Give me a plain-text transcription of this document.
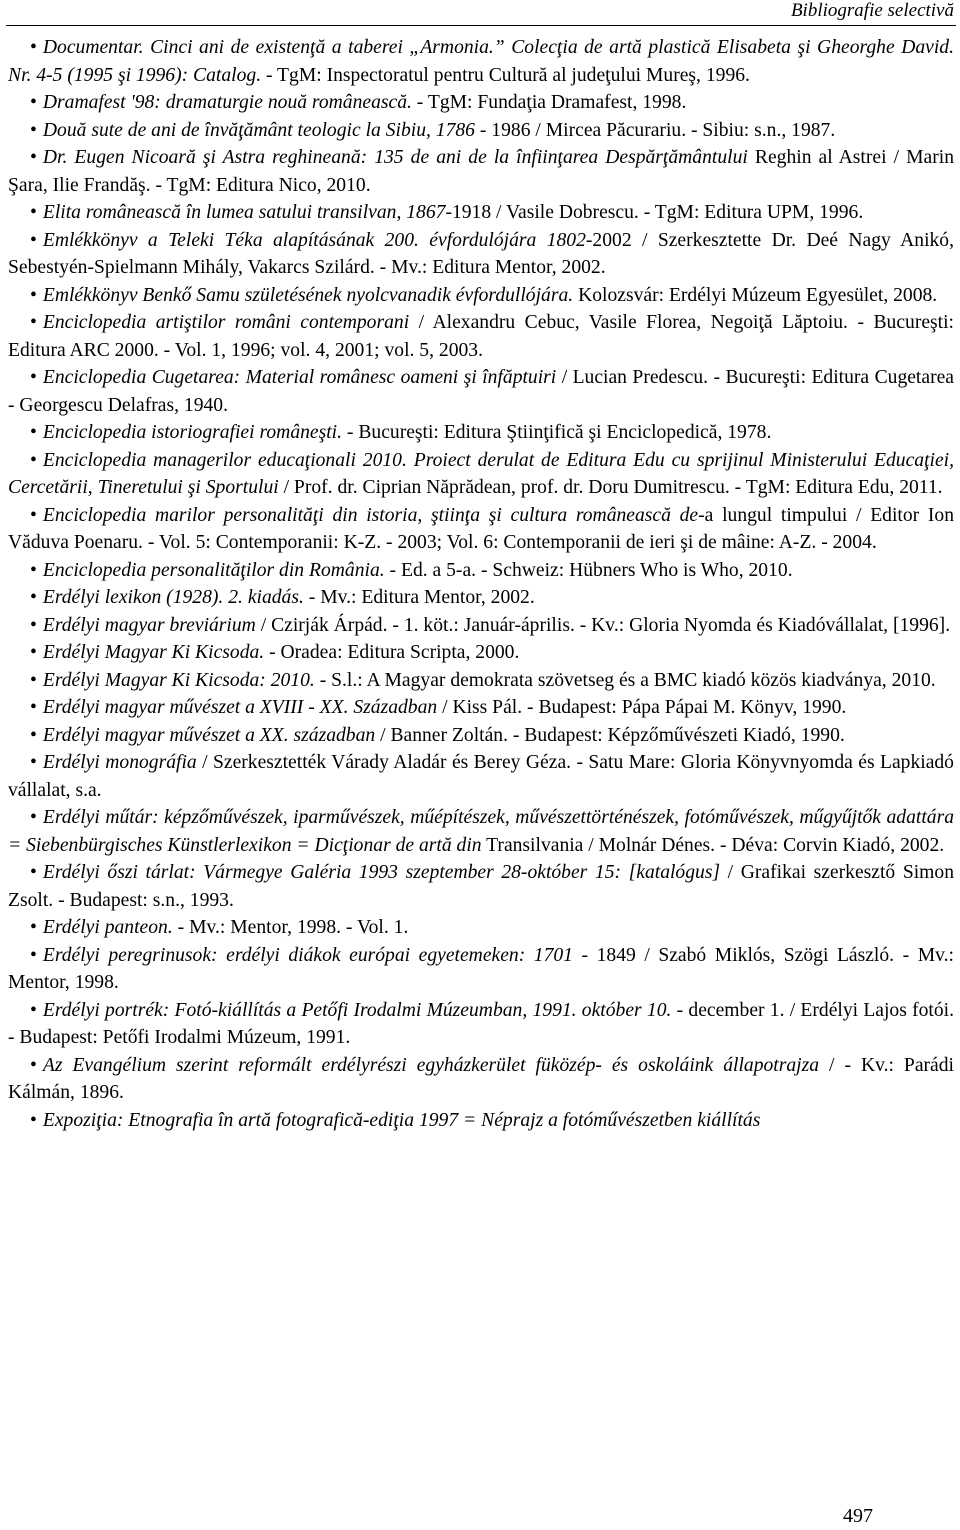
Bibliografie selectivă

• Documentar. Cinci ani de existenţă a taberei „Armonia.” Colecţia de artă plastică Elisabeta şi Gheorghe David. Nr. 4-5 (1995 şi 1996): Catalog. - TgM: Inspectoratul pentru Cultură al judeţului Mureş, 1996.

• Dramafest '98: dramaturgie nouă românească. - TgM: Fundaţia Dramafest, 1998.

• Două sute de ani de învăţământ teologic la Sibiu, 1786 - 1986 / Mircea Păcurariu. - Sibiu: s.n., 1987.

• Dr. Eugen Nicoară şi Astra reghineană: 135 de ani de la înfiinţarea Despărţământului Reghin al Astrei / Marin Şara, Ilie Frandăş. - TgM: Editura Nico, 2010.

• Elita românească în lumea satului transilvan, 1867-1918 / Vasile Dobrescu. - TgM: Editura UPM, 1996.

• Emlékkönyv a Teleki Téka alapításának 200. évfordulójára 1802-2002 / Szerkesztette Dr. Deé Nagy Anikó, Sebestyén-Spielmann Mihály, Vakarcs Szilárd. - Mv.: Editura Mentor, 2002.

• Emlékkönyv Benkő Samu születésének nyolcvanadik évfordullójára. Kolozsvár: Erdélyi Múzeum Egyesület, 2008.

• Enciclopedia artiştilor români contemporani / Alexandru Cebuc, Vasile Florea, Negoiţă Lăptoiu. - Bucureşti: Editura ARC 2000. - Vol. 1, 1996; vol. 4, 2001; vol. 5, 2003.

• Enciclopedia Cugetarea: Material românesc oameni şi înfăptuiri / Lucian Predescu. - Bucureşti: Editura Cugetarea - Georgescu Delafras, 1940.

• Enciclopedia istoriografiei româneşti. - Bucureşti: Editura Ştiinţifică şi Enciclopedică, 1978.

• Enciclopedia managerilor educaţionali 2010. Proiect derulat de Editura Edu cu sprijinul Ministerului Educaţiei, Cercetării, Tineretului şi Sportului / Prof. dr. Ciprian Năprădean, prof. dr. Doru Dumitrescu. - TgM: Editura Edu, 2011.

• Enciclopedia marilor personalităţi din istoria, ştiinţa şi cultura românească de-a lungul timpului / Editor Ion Văduva Poenaru. - Vol. 5: Contemporanii: K-Z. - 2003; Vol. 6: Contemporanii de ieri şi de mâine: A-Z. - 2004.

• Enciclopedia personalităţilor din România. - Ed. a 5-a. - Schweiz: Hübners Who is Who, 2010.

• Erdélyi lexikon (1928). 2. kiadás. - Mv.: Editura Mentor, 2002.

• Erdélyi magyar breviárium / Czirják Árpád. - 1. köt.: Január-április. - Kv.: Gloria Nyomda és Kiadóvállalat, [1996].

• Erdélyi Magyar Ki Kicsoda. - Oradea: Editura Scripta, 2000.

• Erdélyi Magyar Ki Kicsoda: 2010. - S.l.: A Magyar demokrata szövetseg és a BMC kiadó közös kiadványa, 2010.

• Erdélyi magyar művészet a XVIII - XX. Században / Kiss Pál. - Budapest: Pápa Pápai M. Könyv, 1990.

• Erdélyi magyar művészet a XX. században / Banner Zoltán. - Budapest: Képzőművészeti Kiadó, 1990.

• Erdélyi monográfia / Szerkesztették Várady Aladár és Berey Géza. - Satu Mare: Gloria Könyvnyomda és Lapkiadó vállalat, s.a.

• Erdélyi műtár: képzőművészek, iparművészek, műépítészek, művészettörténészek, fotóművészek, műgyűjtők adattára = Siebenbürgisches Künstlerlexikon = Dicţionar de artă din Transilvania / Molnár Dénes. - Déva: Corvin Kiadó, 2002.

• Erdélyi őszi tárlat: Vármegye Galéria 1993 szeptember 28-október 15: [katalógus] / Grafikai szerkesztő Simon Zsolt. - Budapest: s.n., 1993.

• Erdélyi panteon. - Mv.: Mentor, 1998. - Vol. 1.

• Erdélyi peregrinusok: erdélyi diákok európai egyetemeken: 1701 - 1849 / Szabó Miklós, Szögi László. - Mv.: Mentor, 1998.

• Erdélyi portrék: Fotó-kiállítás a Petőfi Irodalmi Múzeumban, 1991. október 10. - december 1. / Erdélyi Lajos fotói. - Budapest: Petőfi Irodalmi Múzeum, 1991.

• Az Evangélium szerint reformált erdélyrészi egyházkerület füközép- és oskoláink állapotrajza / - Kv.: Parádi Kálmán, 1896.

• Expoziţia: Etnografia în artă fotografică-ediţia 1997 = Néprajz a fotóművészetben kiállítás

497
